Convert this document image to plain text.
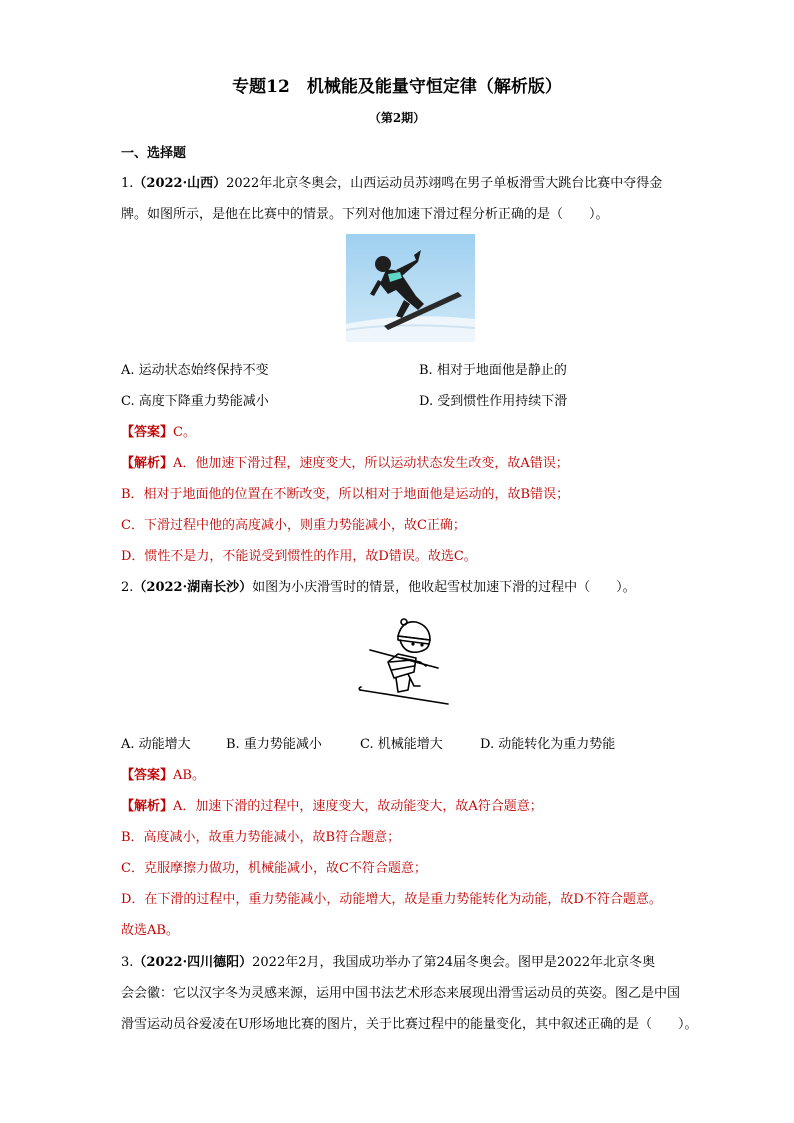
专题12　机械能及能量守恒定律（解析版）
（第2期）
一、选择题
1.（2022·山西）2022年北京冬奥会，山西运动员苏翊鸣在男子单板滑雪大跳台比赛中夺得金
牌。如图所示，是他在比赛中的情景。下列对他加速下滑过程分析正确的是（　　）。
A. 运动状态始终保持不变	B. 相对于地面他是静止的
C. 高度下降重力势能减小	D. 受到惯性作用持续下滑
【答案】C。
【解析】A．他加速下滑过程，速度变大，所以运动状态发生改变，故A错误；
B．相对于地面他的位置在不断改变，所以相对于地面他是运动的，故B错误；
C．下滑过程中他的高度减小，则重力势能减小，故C正确；
D．惯性不是力，不能说受到惯性的作用，故D错误。故选C。
2.（2022·湖南长沙）如图为小庆滑雪时的情景，他收起雪杖加速下滑的过程中（　　）。
A. 动能增大	B. 重力势能减小	C. 机械能增大	D. 动能转化为重力势能
【答案】AB。
【解析】A．加速下滑的过程中，速度变大，故动能变大，故A符合题意；
B．高度减小，故重力势能减小，故B符合题意；
C．克服摩擦力做功，机械能减小，故C不符合题意；
D．在下滑的过程中，重力势能减小，动能增大，故是重力势能转化为动能，故D不符合题意。
故选AB。
3.（2022·四川德阳）2022年2月，我国成功举办了第24届冬奥会。图甲是2022年北京冬奥
会会徽：它以汉字冬为灵感来源，运用中国书法艺术形态来展现出滑雪运动员的英姿。图乙是中国
滑雪运动员谷爱凌在U形场地比赛的图片，关于比赛过程中的能量变化，其中叙述正确的是（　　）。
